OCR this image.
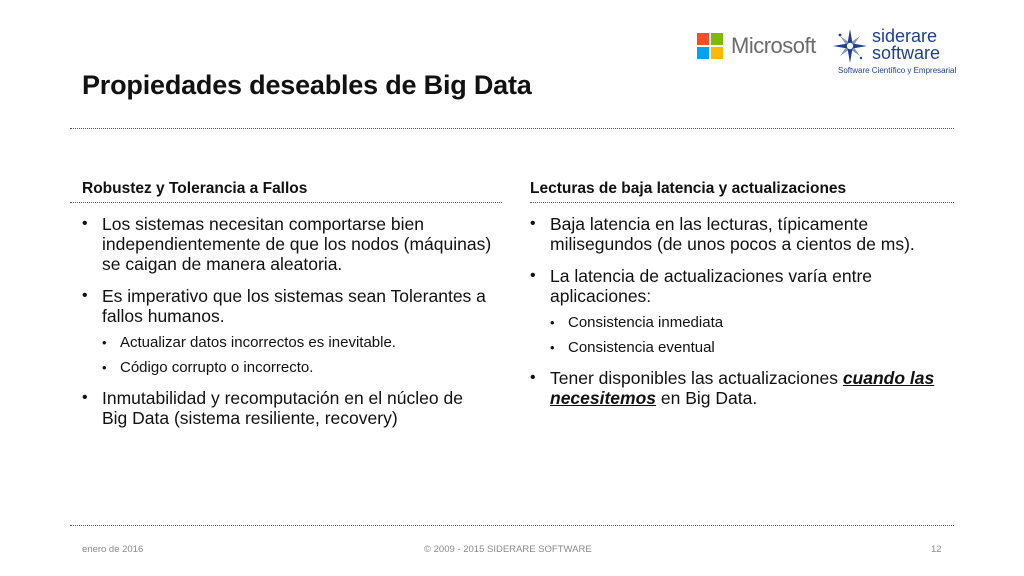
Microsoft	siderare
software
Software Científico y Empresarial
Propiedades deseables de Big Data
Robustez y Tolerancia a Fallos
• Los sistemas necesitan comportarse bien independientemente de que los nodos (máquinas) se caigan de manera aleatoria.
• Es imperativo que los sistemas sean Tolerantes a fallos humanos.
• Actualizar datos incorrectos es inevitable.
• Código corrupto o incorrecto.
• Inmutabilidad y recomputación en el núcleo de Big Data (sistema resiliente, recovery)
Lecturas de baja latencia y actualizaciones
• Baja latencia en las lecturas, típicamente milisegundos (de unos pocos a cientos de ms).
• La latencia de actualizaciones varía entre aplicaciones:
• Consistencia inmediata
• Consistencia eventual
• Tener disponibles las actualizaciones cuando las necesitemos en Big Data.
enero de 2016	© 2009 - 2015 SIDERARE SOFTWARE	12
